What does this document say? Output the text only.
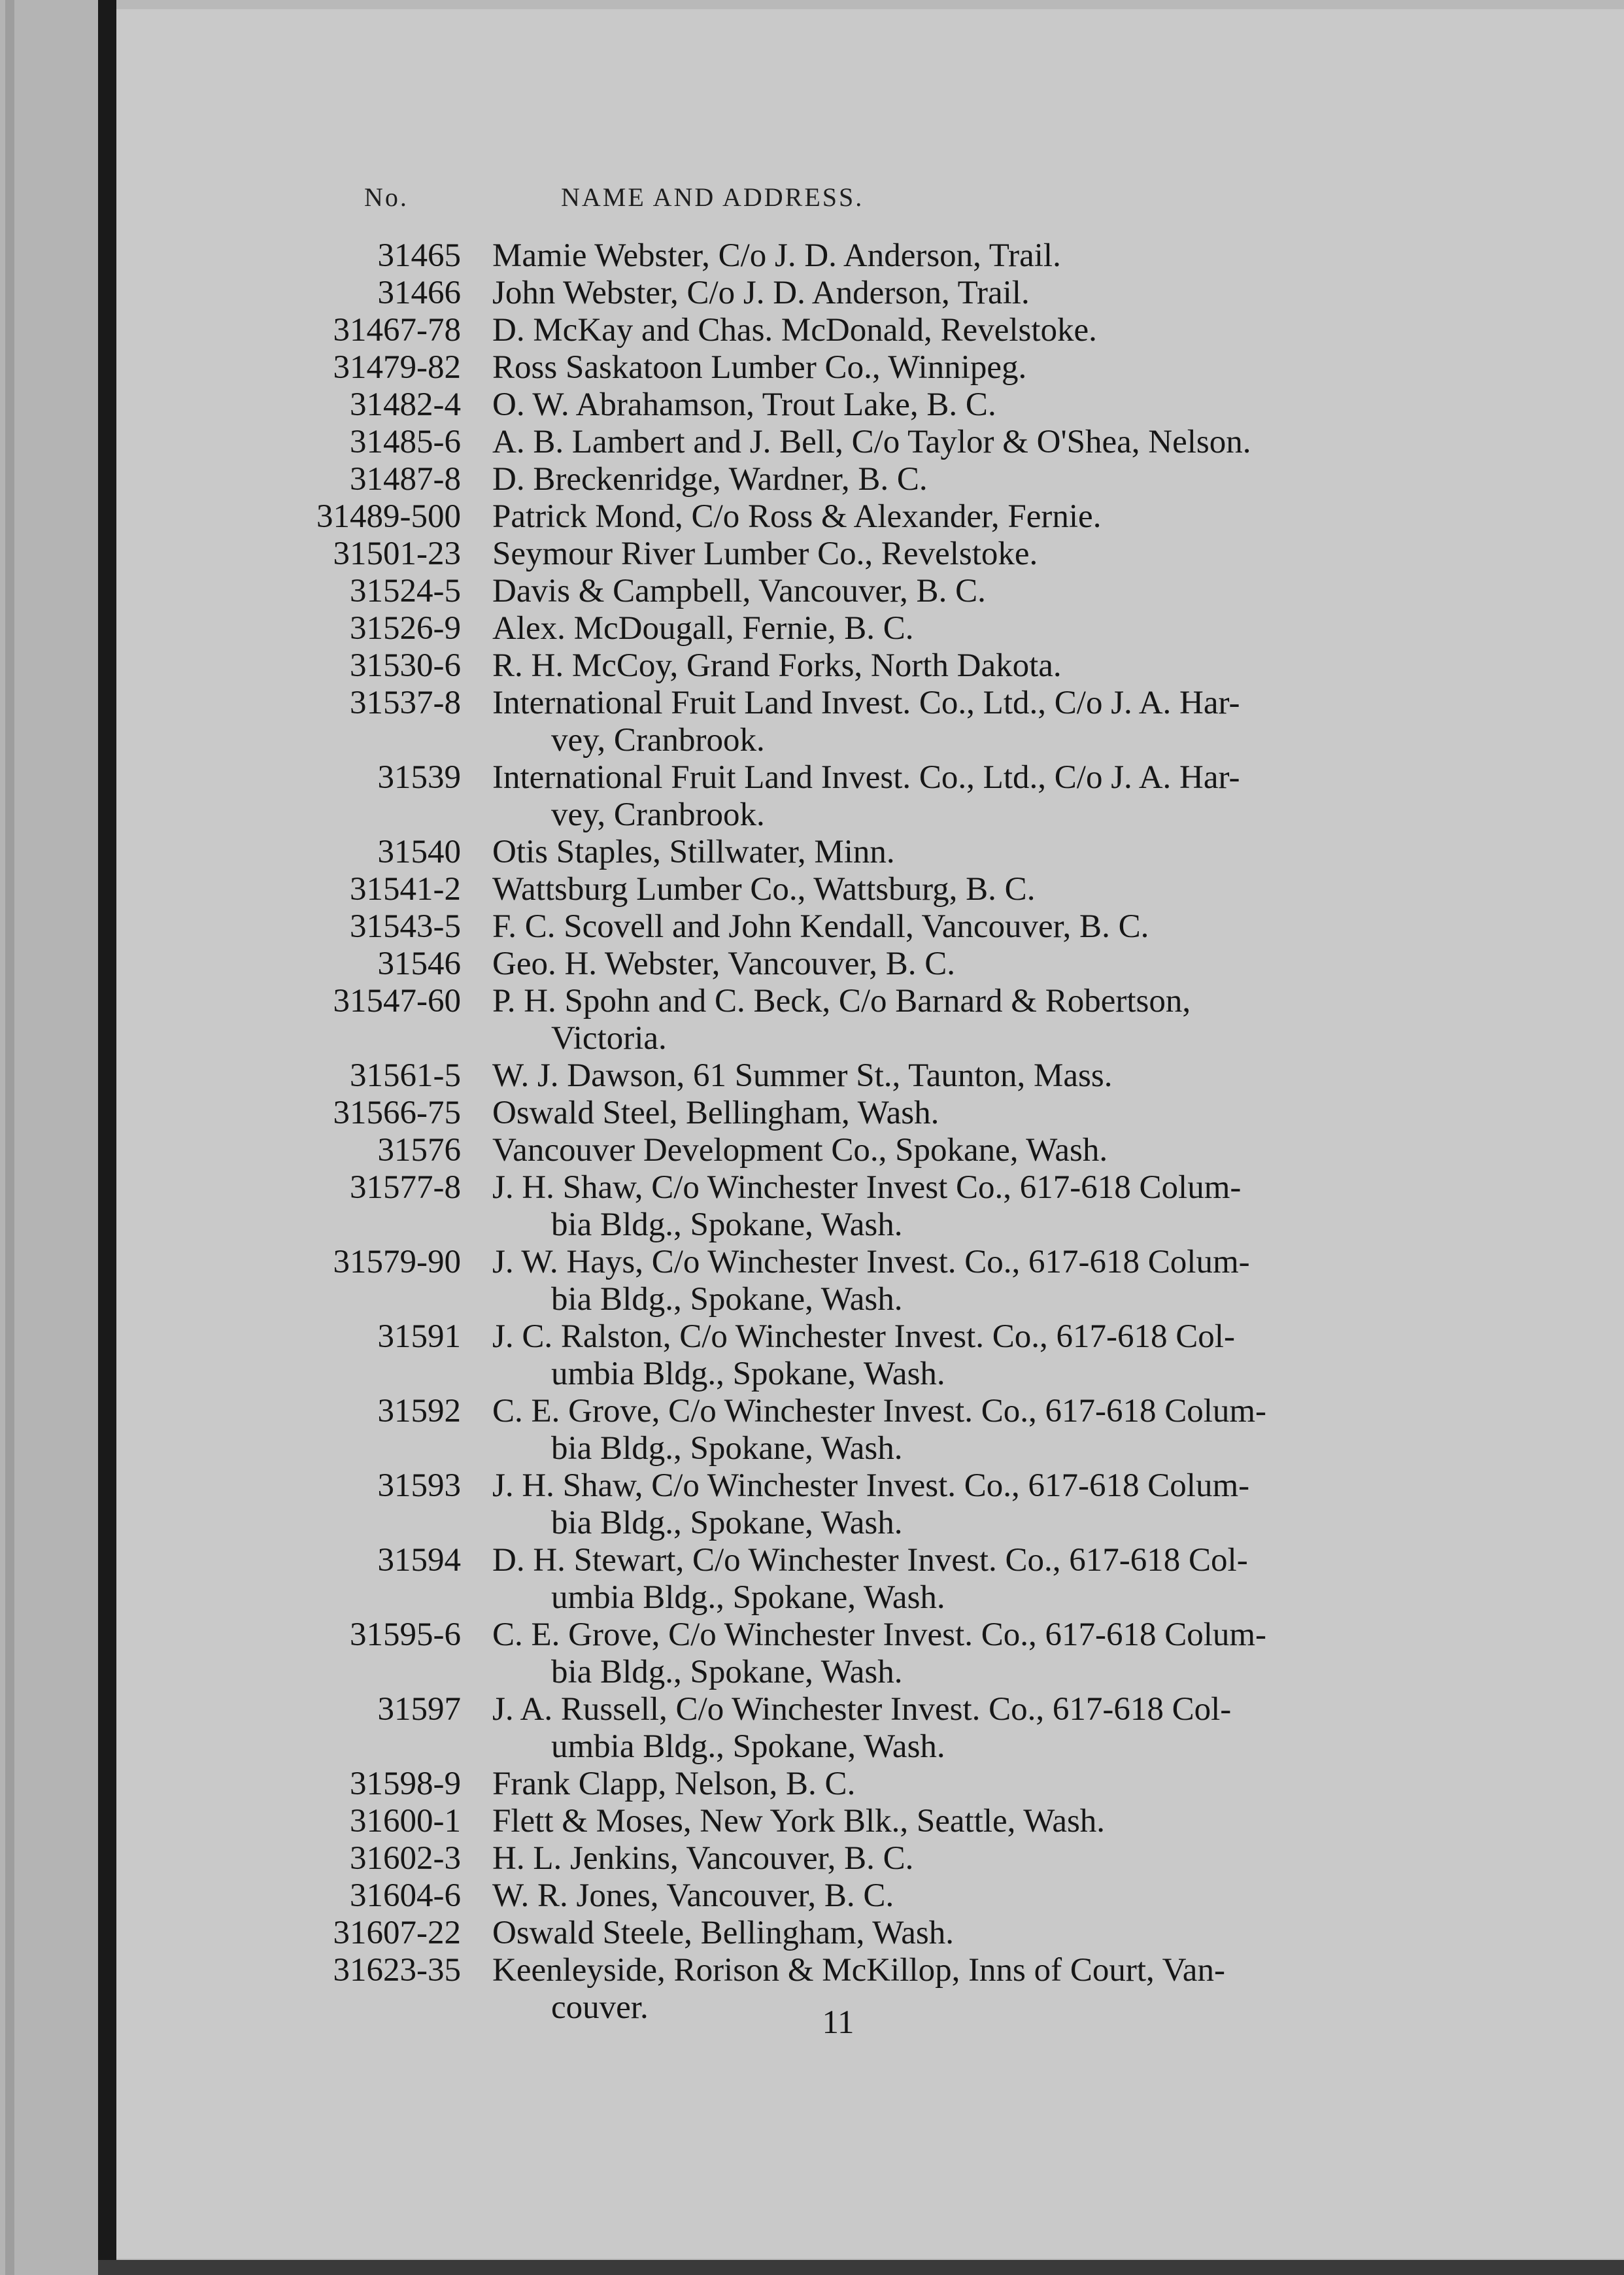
No.	NAME AND ADDRESS.
31465 Mamie Webster, C/o J. D. Anderson, Trail.
31466 John Webster, C/o J. D. Anderson, Trail.
31467-78 D. McKay and Chas. McDonald, Revelstoke.
31479-82 Ross Saskatoon Lumber Co., Winnipeg.
31482-4 O. W. Abrahamson, Trout Lake, B. C.
31485-6 A. B. Lambert and J. Bell, C/o Taylor & O'Shea, Nelson.
31487-8 D. Breckenridge, Wardner, B. C.
31489-500 Patrick Mond, C/o Ross & Alexander, Fernie.
31501-23 Seymour River Lumber Co., Revelstoke.
31524-5 Davis & Campbell, Vancouver, B. C.
31526-9 Alex. McDougall, Fernie, B. C.
31530-6 R. H. McCoy, Grand Forks, North Dakota.
31537-8 International Fruit Land Invest. Co., Ltd., C/o J. A. Har-
vey, Cranbrook.
31539 International Fruit Land Invest. Co., Ltd., C/o J. A. Har-
vey, Cranbrook.
31540 Otis Staples, Stillwater, Minn.
31541-2 Wattsburg Lumber Co., Wattsburg, B. C.
31543-5 F. C. Scovell and John Kendall, Vancouver, B. C.
31546 Geo. H. Webster, Vancouver, B. C.
31547-60 P. H. Spohn and C. Beck, C/o Barnard & Robertson,
Victoria.
31561-5 W. J. Dawson, 61 Summer St., Taunton, Mass.
31566-75 Oswald Steel, Bellingham, Wash.
31576 Vancouver Development Co., Spokane, Wash.
31577-8 J. H. Shaw, C/o Winchester Invest Co., 617-618 Colum-
bia Bldg., Spokane, Wash.
31579-90 J. W. Hays, C/o Winchester Invest. Co., 617-618 Colum-
bia Bldg., Spokane, Wash.
31591 J. C. Ralston, C/o Winchester Invest. Co., 617-618 Col-
umbia Bldg., Spokane, Wash.
31592 C. E. Grove, C/o Winchester Invest. Co., 617-618 Colum-
bia Bldg., Spokane, Wash.
31593 J. H. Shaw, C/o Winchester Invest. Co., 617-618 Colum-
bia Bldg., Spokane, Wash.
31594 D. H. Stewart, C/o Winchester Invest. Co., 617-618 Col-
umbia Bldg., Spokane, Wash.
31595-6 C. E. Grove, C/o Winchester Invest. Co., 617-618 Colum-
bia Bldg., Spokane, Wash.
31597 J. A. Russell, C/o Winchester Invest. Co., 617-618 Col-
umbia Bldg., Spokane, Wash.
31598-9 Frank Clapp, Nelson, B. C.
31600-1 Flett & Moses, New York Blk., Seattle, Wash.
31602-3 H. L. Jenkins, Vancouver, B. C.
31604-6 W. R. Jones, Vancouver, B. C.
31607-22 Oswald Steele, Bellingham, Wash.
31623-35 Keenleyside, Rorison & McKillop, Inns of Court, Van-
couver.	11
